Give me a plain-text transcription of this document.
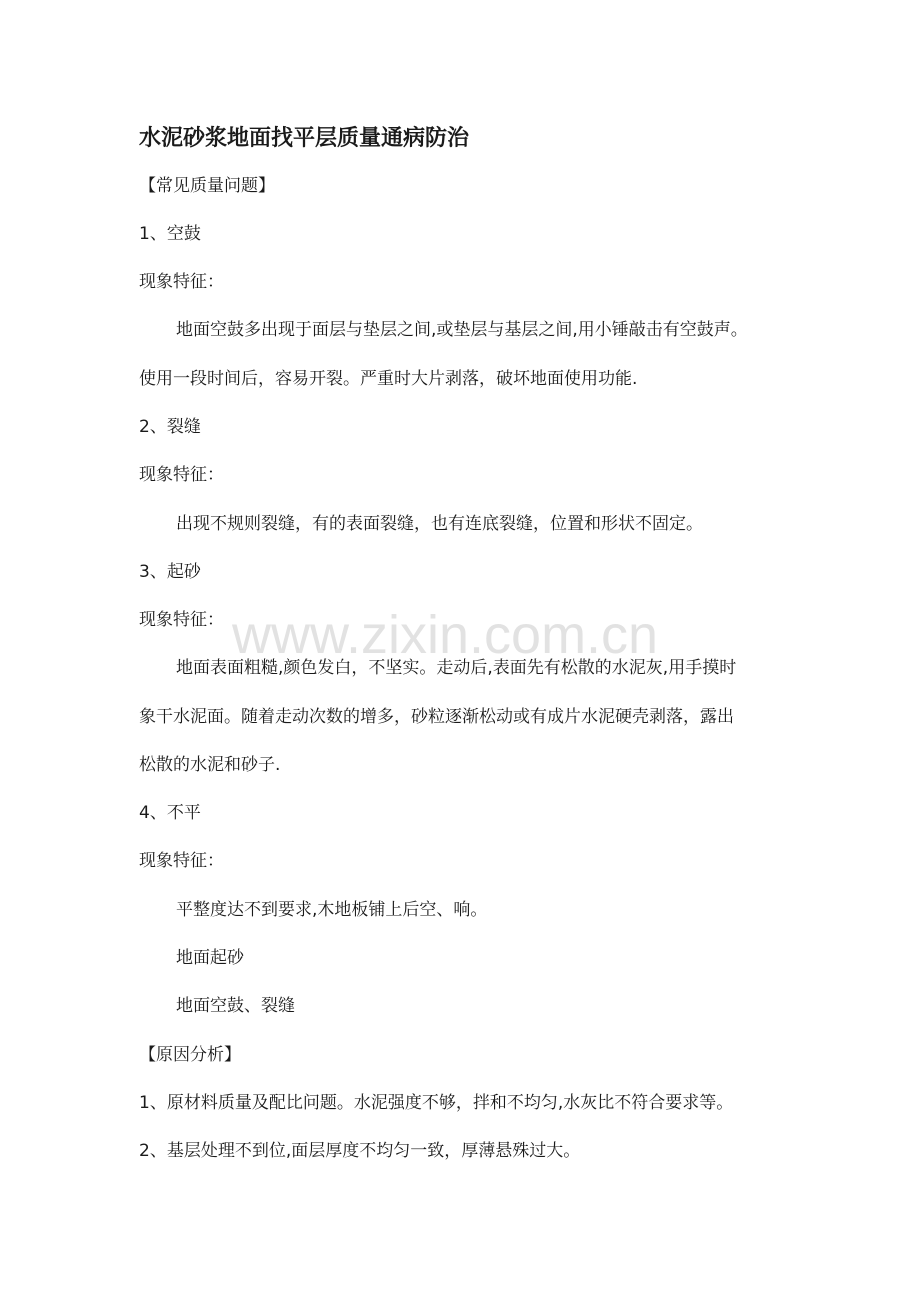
www.zixin.com.cn
水泥砂浆地面找平层质量通病防治
【常见质量问题】
1、空鼓
现象特征：
地面空鼓多出现于面层与垫层之间,或垫层与基层之间,用小锤敲击有空鼓声。
使用一段时间后，容易开裂。严重时大片剥落，破坏地面使用功能.
2、裂缝
现象特征：
出现不规则裂缝，有的表面裂缝，也有连底裂缝，位置和形状不固定。
3、起砂
现象特征：
地面表面粗糙,颜色发白，不坚实。走动后,表面先有松散的水泥灰,用手摸时
象干水泥面。随着走动次数的增多，砂粒逐渐松动或有成片水泥硬壳剥落，露出
松散的水泥和砂子.
4、不平
现象特征：
平整度达不到要求,木地板铺上后空、响。
地面起砂
地面空鼓、裂缝
【原因分析】
1、原材料质量及配比问题。水泥强度不够，拌和不均匀,水灰比不符合要求等。
2、基层处理不到位,面层厚度不均匀一致，厚薄悬殊过大。
